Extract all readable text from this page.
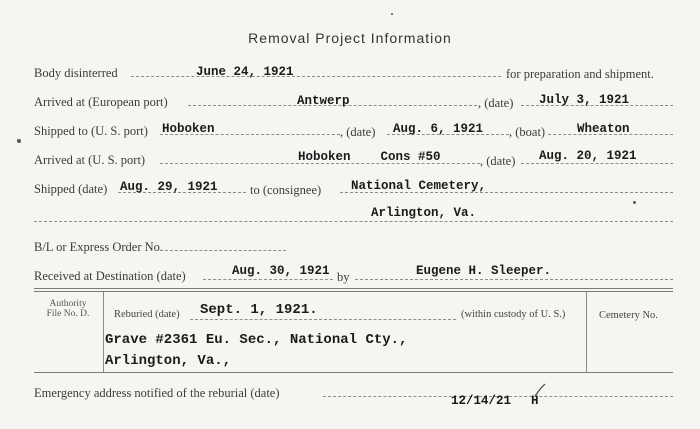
Removal Project Information
Body disinterred	June 24, 1921	for preparation and shipment.
Arrived at (European port)	Antwerp	, (date) July 3, 1921
Shipped to (U. S. port) Hoboken	, (date) Aug. 6, 1921 , (boat)	Wheaton
Arrived at (U. S. port)	Hoboken    Cons #50	, (date) Aug. 20, 1921
Shipped (date) Aug. 29, 1921	to (consignee) National Cemetery,
Arlington, Va.
B/L or Express Order No.
Received at Destination (date)	Aug. 30, 1921 by	Eugene H. Sleeper.
Authority
File No. D.	Reburied (date) Sept. 1, 1921.	(within custody of U. S.)	Cemetery No.
Grave #2361 Eu. Sec., National Cty.,
Arlington, Va.,
Emergency address notified of the reburial (date)
12/14/21 H
